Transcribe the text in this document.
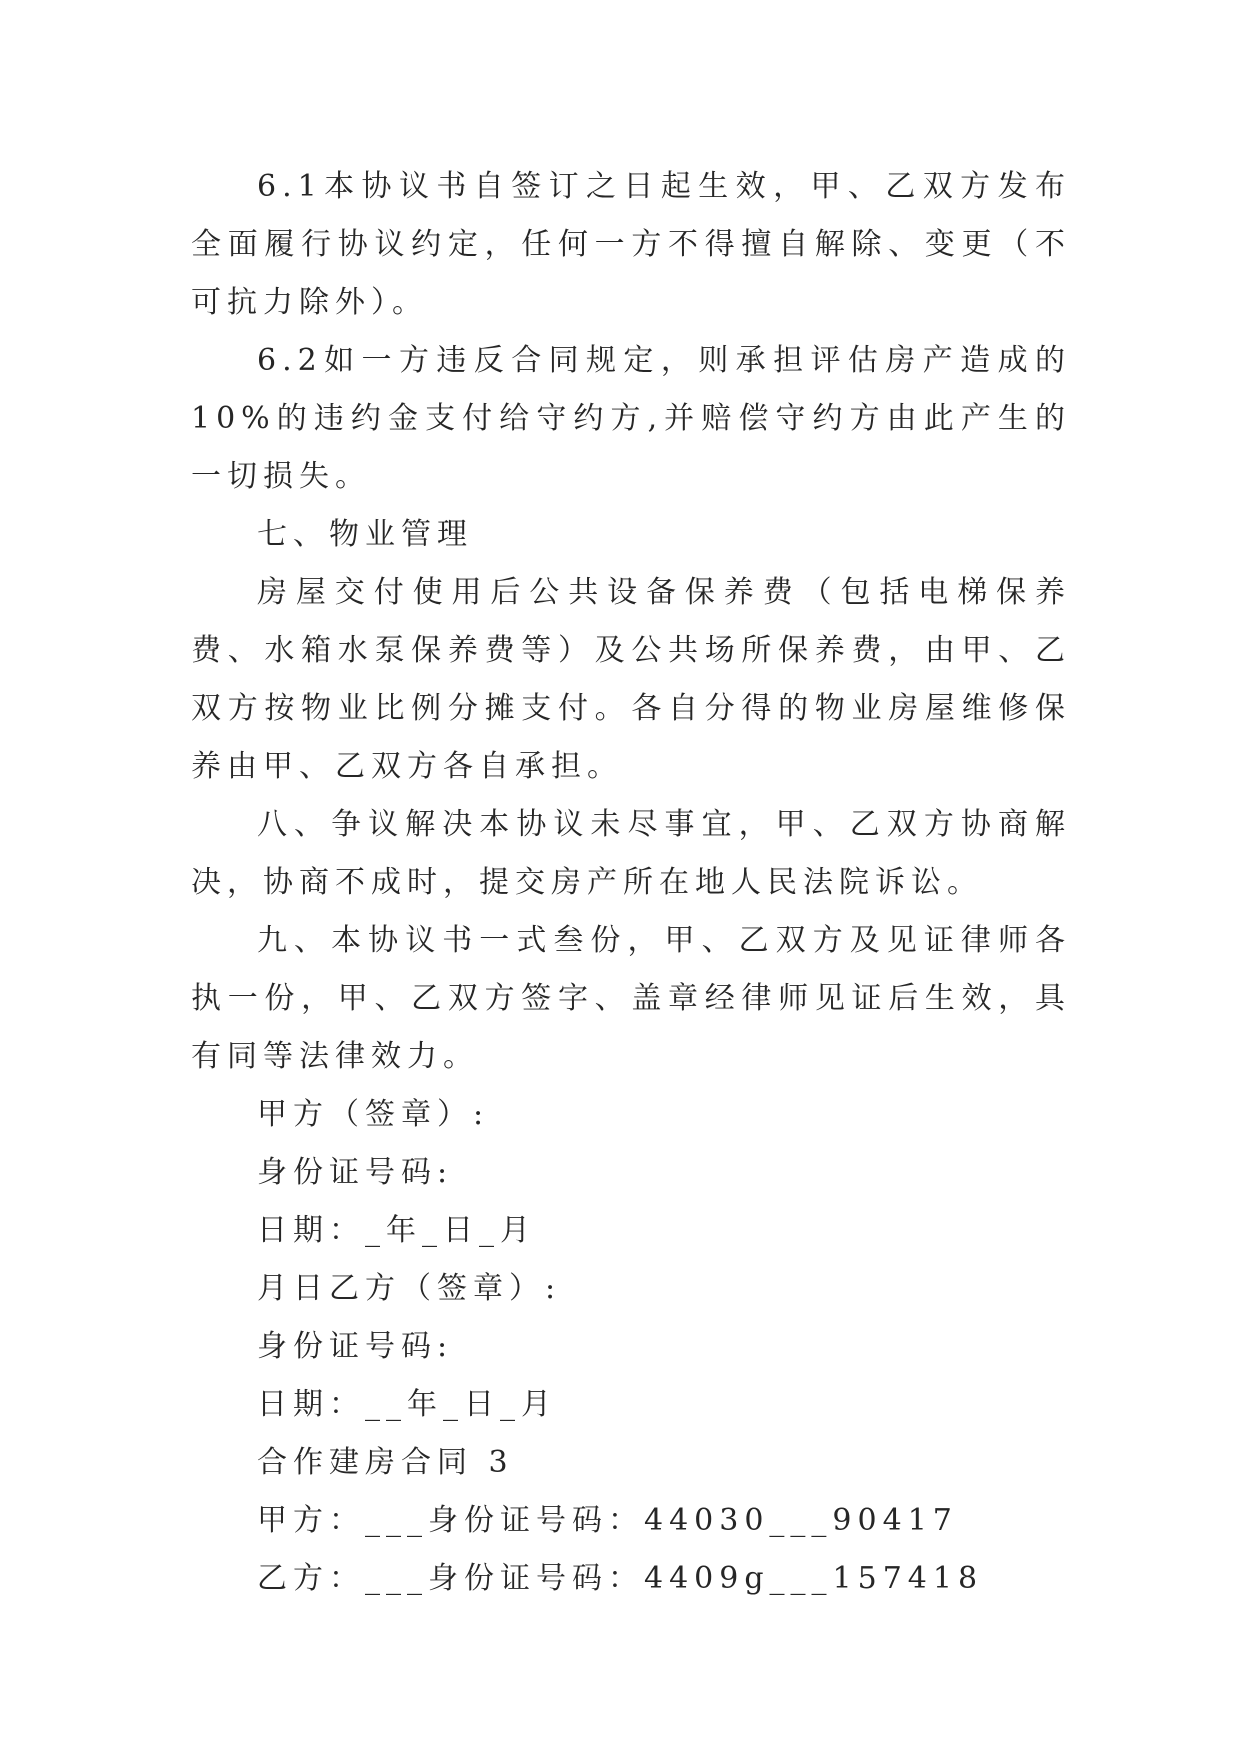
6.1本协议书自签订之日起生效，甲、乙双方发布全面履行协议约定，任何一方不得擅自解除、变更（不可抗力除外）。

6.2如一方违反合同规定，则承担评估房产造成的10%的违约金支付给守约方,并赔偿守约方由此产生的一切损失。

七、物业管理

房屋交付使用后公共设备保养费（包括电梯保养费、水箱水泵保养费等）及公共场所保养费，由甲、乙双方按物业比例分摊支付。各自分得的物业房屋维修保养由甲、乙双方各自承担。

八、争议解决本协议未尽事宜，甲、乙双方协商解决，协商不成时，提交房产所在地人民法院诉讼。

九、本协议书一式叁份，甲、乙双方及见证律师各执一份，甲、乙双方签字、盖章经律师见证后生效，具有同等法律效力。

甲方（签章）:

身份证号码:

日期：_年_日_月

月日乙方（签章）:

身份证号码:

日期：__年_日_月

合作建房合同 3

甲方：___身份证号码：44030___90417

乙方：___身份证号码：4409g___157418
